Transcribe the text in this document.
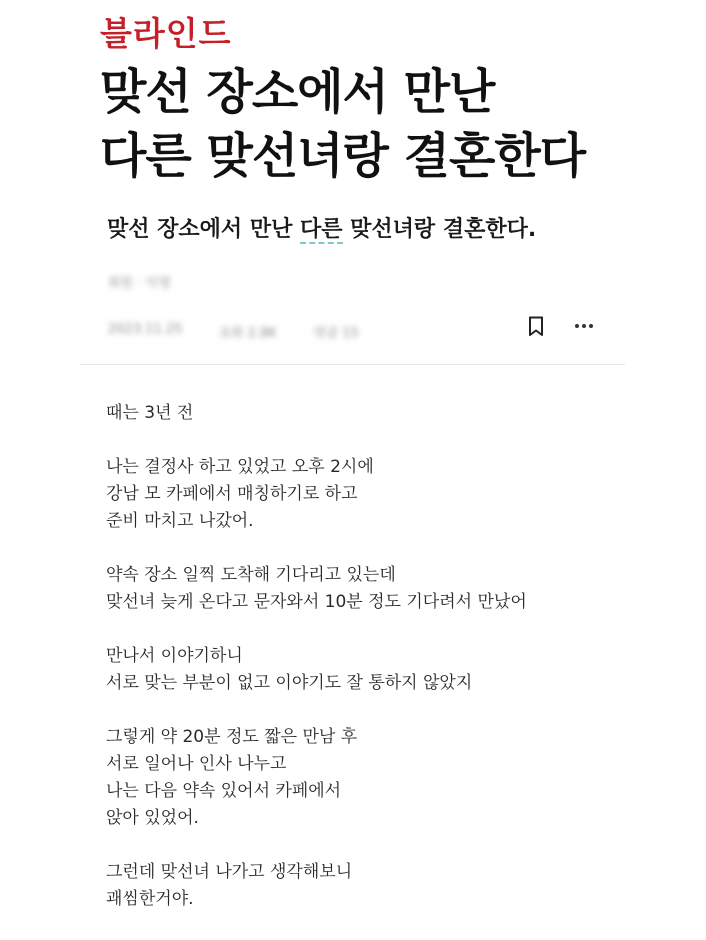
블라인드
맞선 장소에서 만난
다른 맞선녀랑 결혼한다
맞선 장소에서 만난 다른 맞선녀랑 결혼한다.
회원 · 익명
2023.11.25	조회 2.8K	댓글 15
때는 3년 전
나는 결정사 하고 있었고 오후 2시에
강남 모 카페에서 매칭하기로 하고
준비 마치고 나갔어.
약속 장소 일찍 도착해 기다리고 있는데
맞선녀 늦게 온다고 문자와서 10분 정도 기다려서 만났어
만나서 이야기하니
서로 맞는 부분이 없고 이야기도 잘 통하지 않았지
그렇게 약 20분 정도 짧은 만남 후
서로 일어나 인사 나누고
나는 다음 약속 있어서 카페에서
앉아 있었어.
그런데 맞선녀 나가고 생각해보니
괘씸한거야.
